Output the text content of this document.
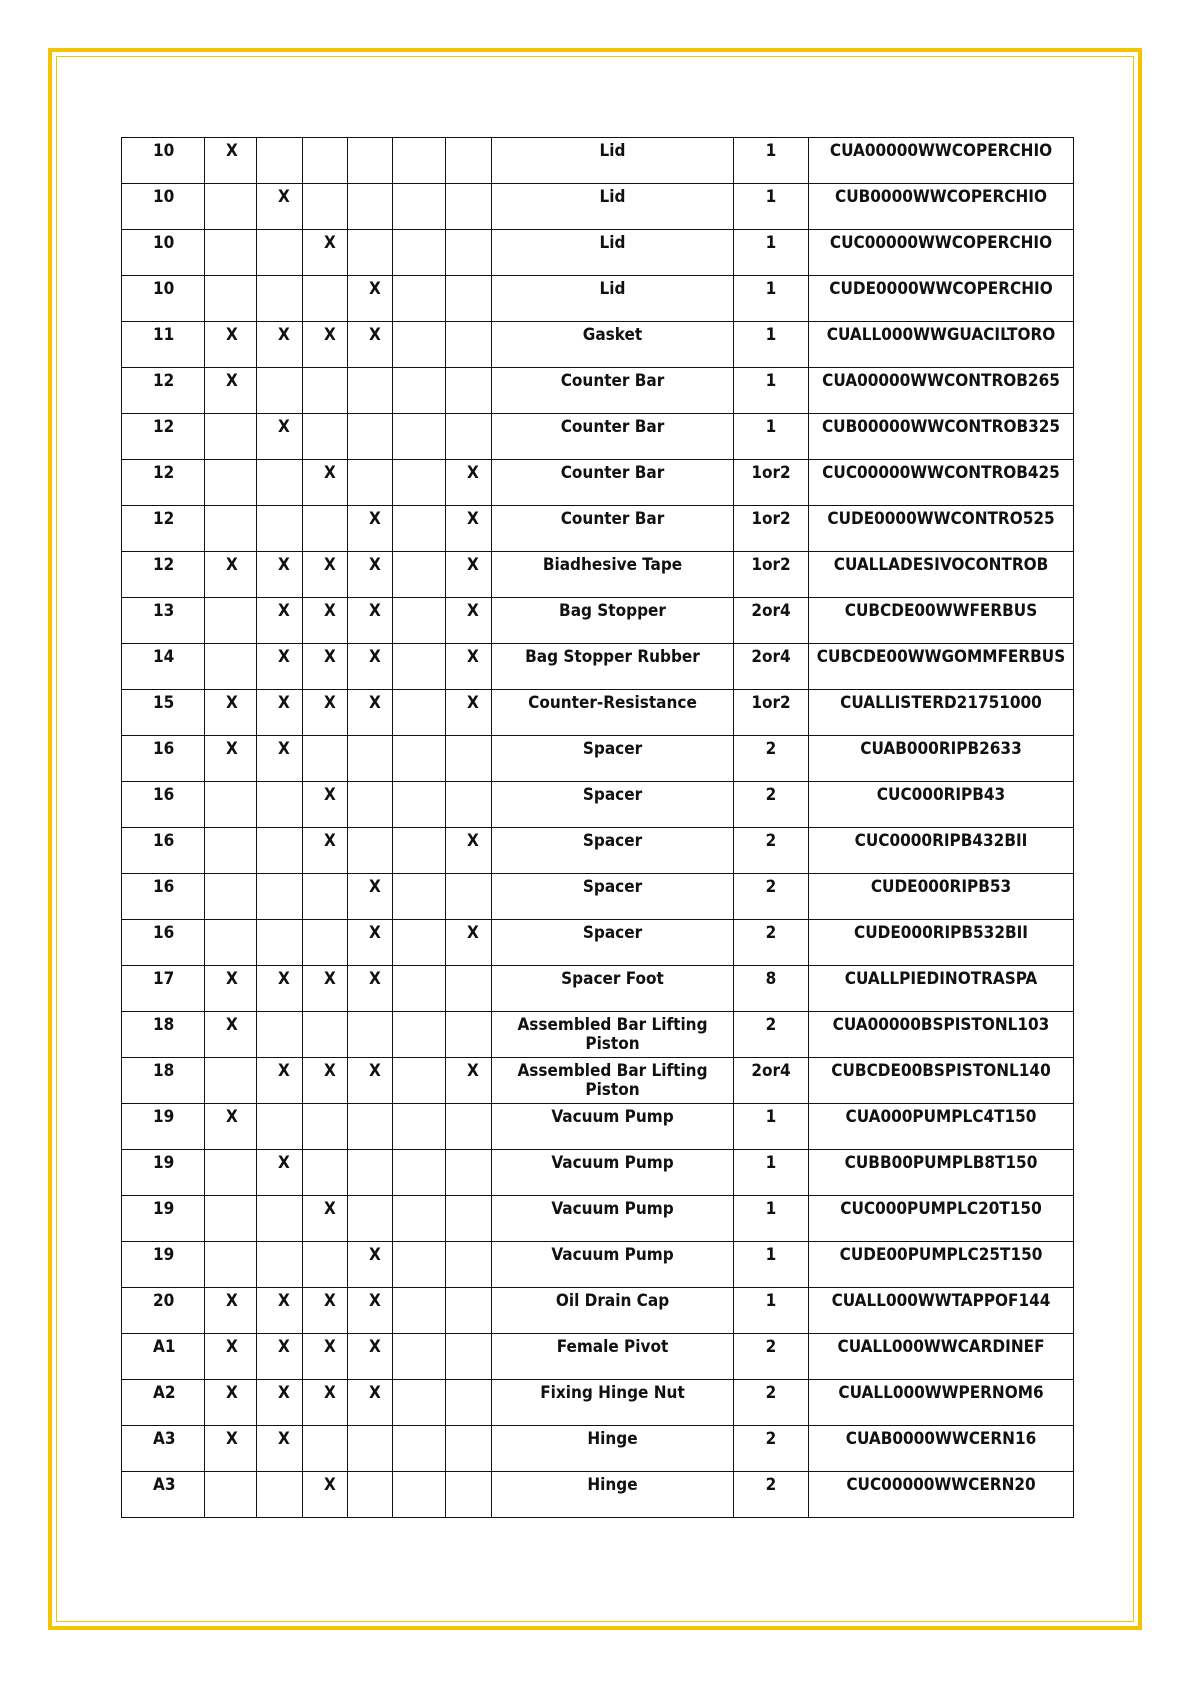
10	X						Lid	1	CUA00000WWCOPERCHIO
10		X					Lid	1	CUB0000WWCOPERCHIO
10			X				Lid	1	CUC00000WWCOPERCHIO
10				X			Lid	1	CUDE0000WWCOPERCHIO
11	X	X	X	X			Gasket	1	CUALL000WWGUACILTORO
12	X						Counter Bar	1	CUA00000WWCONTROB265
12		X					Counter Bar	1	CUB00000WWCONTROB325
12			X			X	Counter Bar	1or2	CUC00000WWCONTROB425
12				X		X	Counter Bar	1or2	CUDE0000WWCONTRO525
12	X	X	X	X		X	Biadhesive Tape	1or2	CUALLADESIVOCONTROB
13		X	X	X		X	Bag Stopper	2or4	CUBCDE00WWFERBUS
14		X	X	X		X	Bag Stopper Rubber	2or4	CUBCDE00WWGOMMFERBUS
15	X	X	X	X		X	Counter-Resistance	1or2	CUALLISTERD21751000
16	X	X					Spacer	2	CUAB000RIPB2633
16			X				Spacer	2	CUC000RIPB43
16			X			X	Spacer	2	CUC0000RIPB432BII
16				X			Spacer	2	CUDE000RIPB53
16				X		X	Spacer	2	CUDE000RIPB532BII
17	X	X	X	X			Spacer Foot	8	CUALLPIEDINOTRASPA
18	X						Assembled Bar Lifting Piston	2	CUA00000BSPISTONL103
18		X	X	X		X	Assembled Bar Lifting Piston	2or4	CUBCDE00BSPISTONL140
19	X						Vacuum Pump	1	CUA000PUMPLC4T150
19		X					Vacuum Pump	1	CUBB00PUMPLB8T150
19			X				Vacuum Pump	1	CUC000PUMPLC20T150
19				X			Vacuum Pump	1	CUDE00PUMPLC25T150
20	X	X	X	X			Oil Drain Cap	1	CUALL000WWTAPPOF144
A1	X	X	X	X			Female Pivot	2	CUALL000WWCARDINEF
A2	X	X	X	X			Fixing Hinge Nut	2	CUALL000WWPERNOM6
A3	X	X					Hinge	2	CUAB0000WWCERN16
A3			X				Hinge	2	CUC00000WWCERN20
